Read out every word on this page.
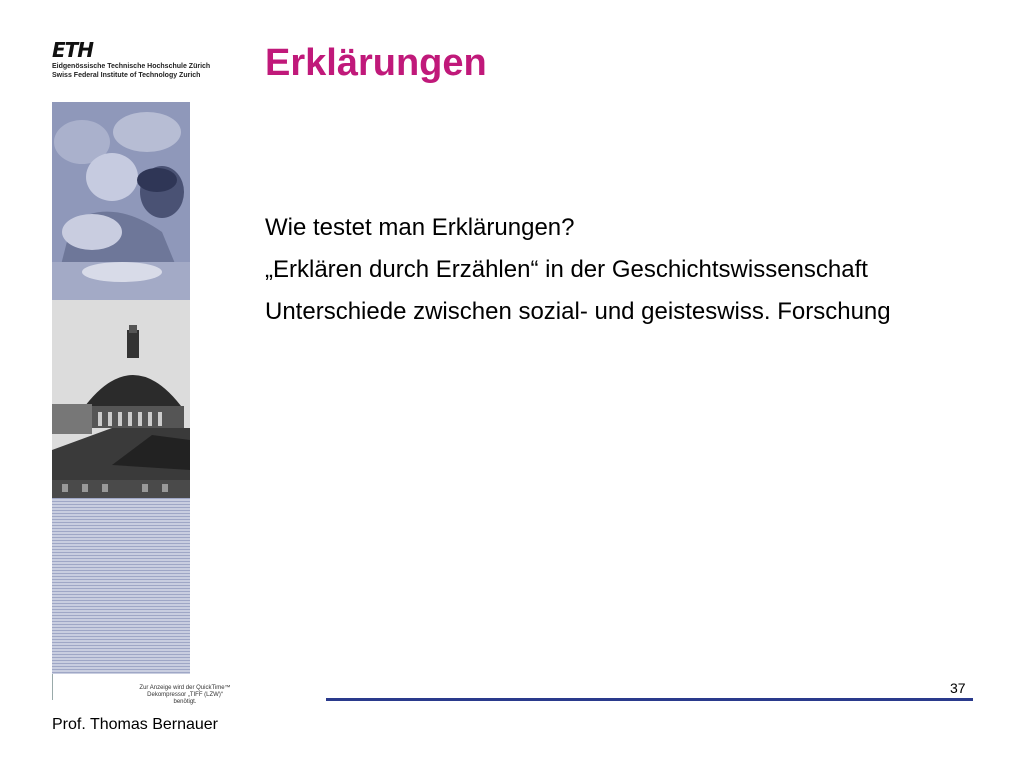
ETH
Eidgenössische Technische Hochschule Zürich
Swiss Federal Institute of Technology Zurich	Erklärungen
Zur Anzeige wird der QuickTime™
Dekompressor „TIFF (LZW)“
benötigt.

Wie testet man Erklärungen?

„Erklären durch Erzählen“ in der Geschichtswissenschaft

Unterschiede zwischen sozial- und geisteswiss. Forschung

37
Prof. Thomas Bernauer
